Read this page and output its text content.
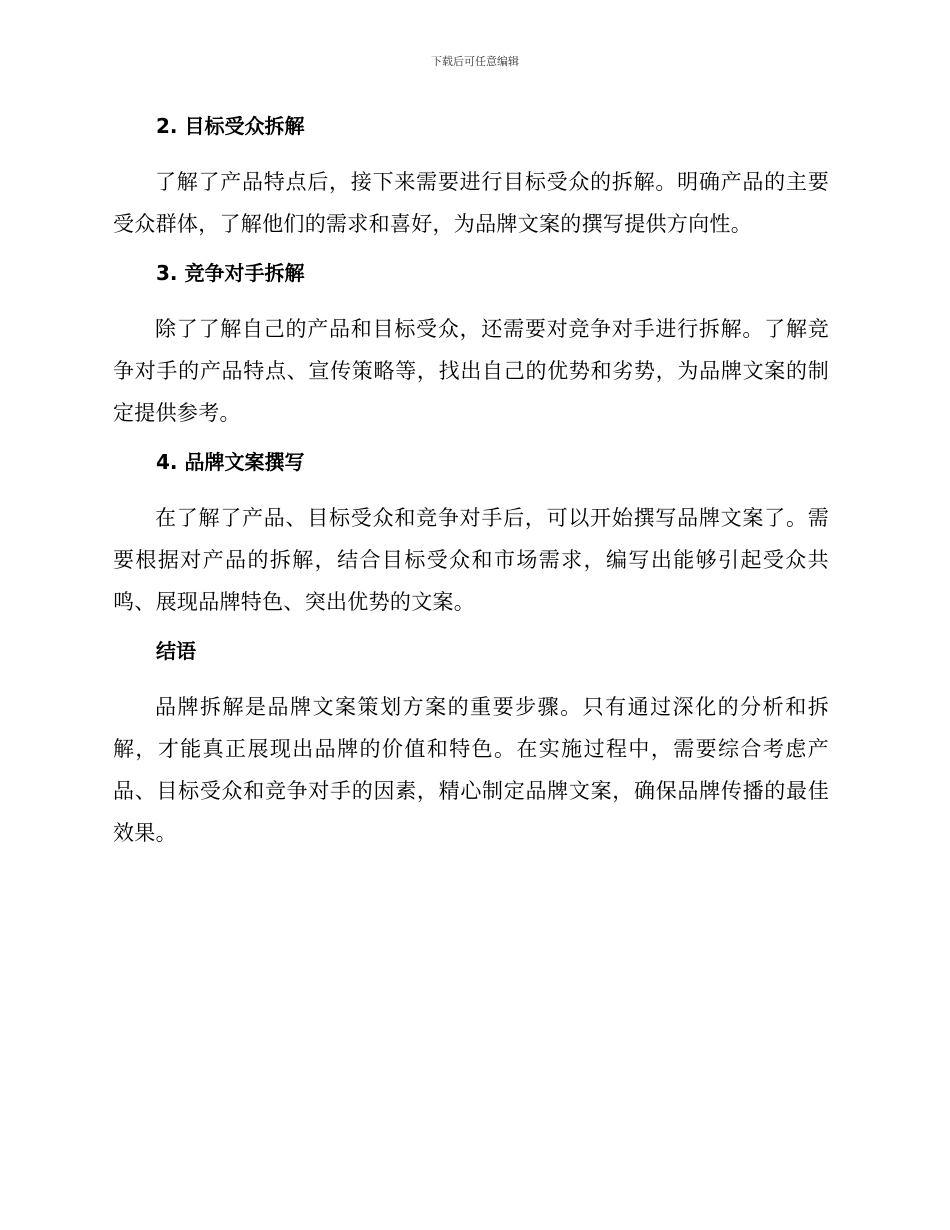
下载后可任意编辑
2. 目标受众拆解

了解了产品特点后，接下来需要进行目标受众的拆解。明确产品的主要受众群体，了解他们的需求和喜好，为品牌文案的撰写提供方向性。

3. 竞争对手拆解

除了了解自己的产品和目标受众，还需要对竞争对手进行拆解。了解竞争对手的产品特点、宣传策略等，找出自己的优势和劣势，为品牌文案的制定提供参考。

4. 品牌文案撰写

在了解了产品、目标受众和竞争对手后，可以开始撰写品牌文案了。需要根据对产品的拆解，结合目标受众和市场需求，编写出能够引起受众共鸣、展现品牌特色、突出优势的文案。

结语

品牌拆解是品牌文案策划方案的重要步骤。只有通过深化的分析和拆解，才能真正展现出品牌的价值和特色。在实施过程中，需要综合考虑产品、目标受众和竞争对手的因素，精心制定品牌文案，确保品牌传播的最佳效果。
